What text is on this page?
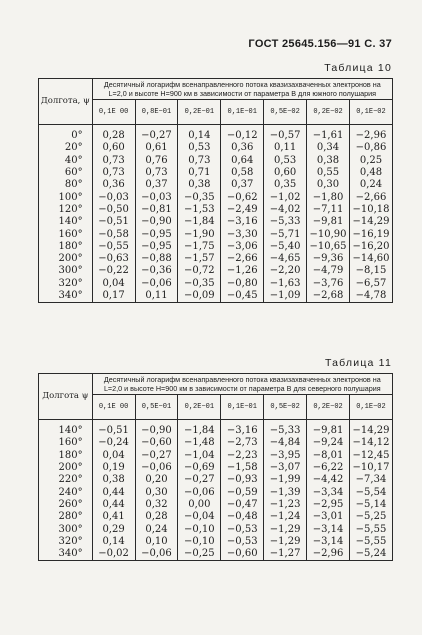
ГОСТ 25645.156—91 С. 37
Таблица 10
Долгота, ψ	Десятичный логарифм всенаправленного потока квазизахваченных электронов на L=2,0 и высоте H=900 км в зависимости от параметра B для южного полушария						
	0,1E 00	0,8E−01	0,2E−01	0,1E−01	0,5E−02	0,2E−02	0,1E−02
0°	0,28	−0,27	0,14	−0,12	−0,57	−1,61	−2,96
20°	0,60	0,61	0,53	0,36	0,11	0,34	−0,86
40°	0,73	0,76	0,73	0,64	0,53	0,38	0,25
60°	0,73	0,73	0,71	0,58	0,60	0,55	0,48
80°	0,36	0,37	0,38	0,37	0,35	0,30	0,24
100°	−0,03	−0,03	−0,35	−0,62	−1,02	−1,80	−2,66
120°	−0,50	−0,81	−1,53	−2,49	−4,02	−7,11	−10,18
140°	−0,51	−0,90	−1,84	−3,16	−5,33	−9,81	−14,29
160°	−0,58	−0,95	−1,90	−3,30	−5,71	−10,90	−16,19
180°	−0,55	−0,95	−1,75	−3,06	−5,40	−10,65	−16,20
200°	−0,63	−0,88	−1,57	−2,66	−4,65	−9,36	−14,60
300°	−0,22	−0,36	−0,72	−1,26	−2,20	−4,79	−8,15
320°	0,04	−0,06	−0,35	−0,80	−1,63	−3,76	−6,57
340°	0,17	0,11	−0,09	−0,45	−1,09	−2,68	−4,78
Таблица 11
Долгота ψ	Десятичный логарифм всенаправленного потока квазизахваченных электронов на L=2,0 и высоте H=900 км в зависимости от параметра B для северного полушария						
	0,1E 00	0,5E−01	0,2E−01	0,1E−01	0,5E−02	0,2E−02	0,1E−02
140°	−0,51	−0,90	−1,84	−3,16	−5,33	−9,81	−14,29
160°	−0,24	−0,60	−1,48	−2,73	−4,84	−9,24	−14,12
180°	0,04	−0,27	−1,04	−2,23	−3,95	−8,01	−12,45
200°	0,19	−0,06	−0,69	−1,58	−3,07	−6,22	−10,17
220°	0,38	0,20	−0,27	−0,93	−1,99	−4,42	−7,34
240°	0,44	0,30	−0,06	−0,59	−1,39	−3,34	−5,54
260°	0,44	0,32	0,00	−0,47	−1,23	−2,95	−5,14
280°	0,41	0,28	−0,04	−0,48	−1,24	−3,01	−5,25
300°	0,29	0,24	−0,10	−0,53	−1,29	−3,14	−5,55
320°	0,14	0,10	−0,10	−0,53	−1,29	−3,14	−5,55
340°	−0,02	−0,06	−0,25	−0,60	−1,27	−2,96	−5,24
